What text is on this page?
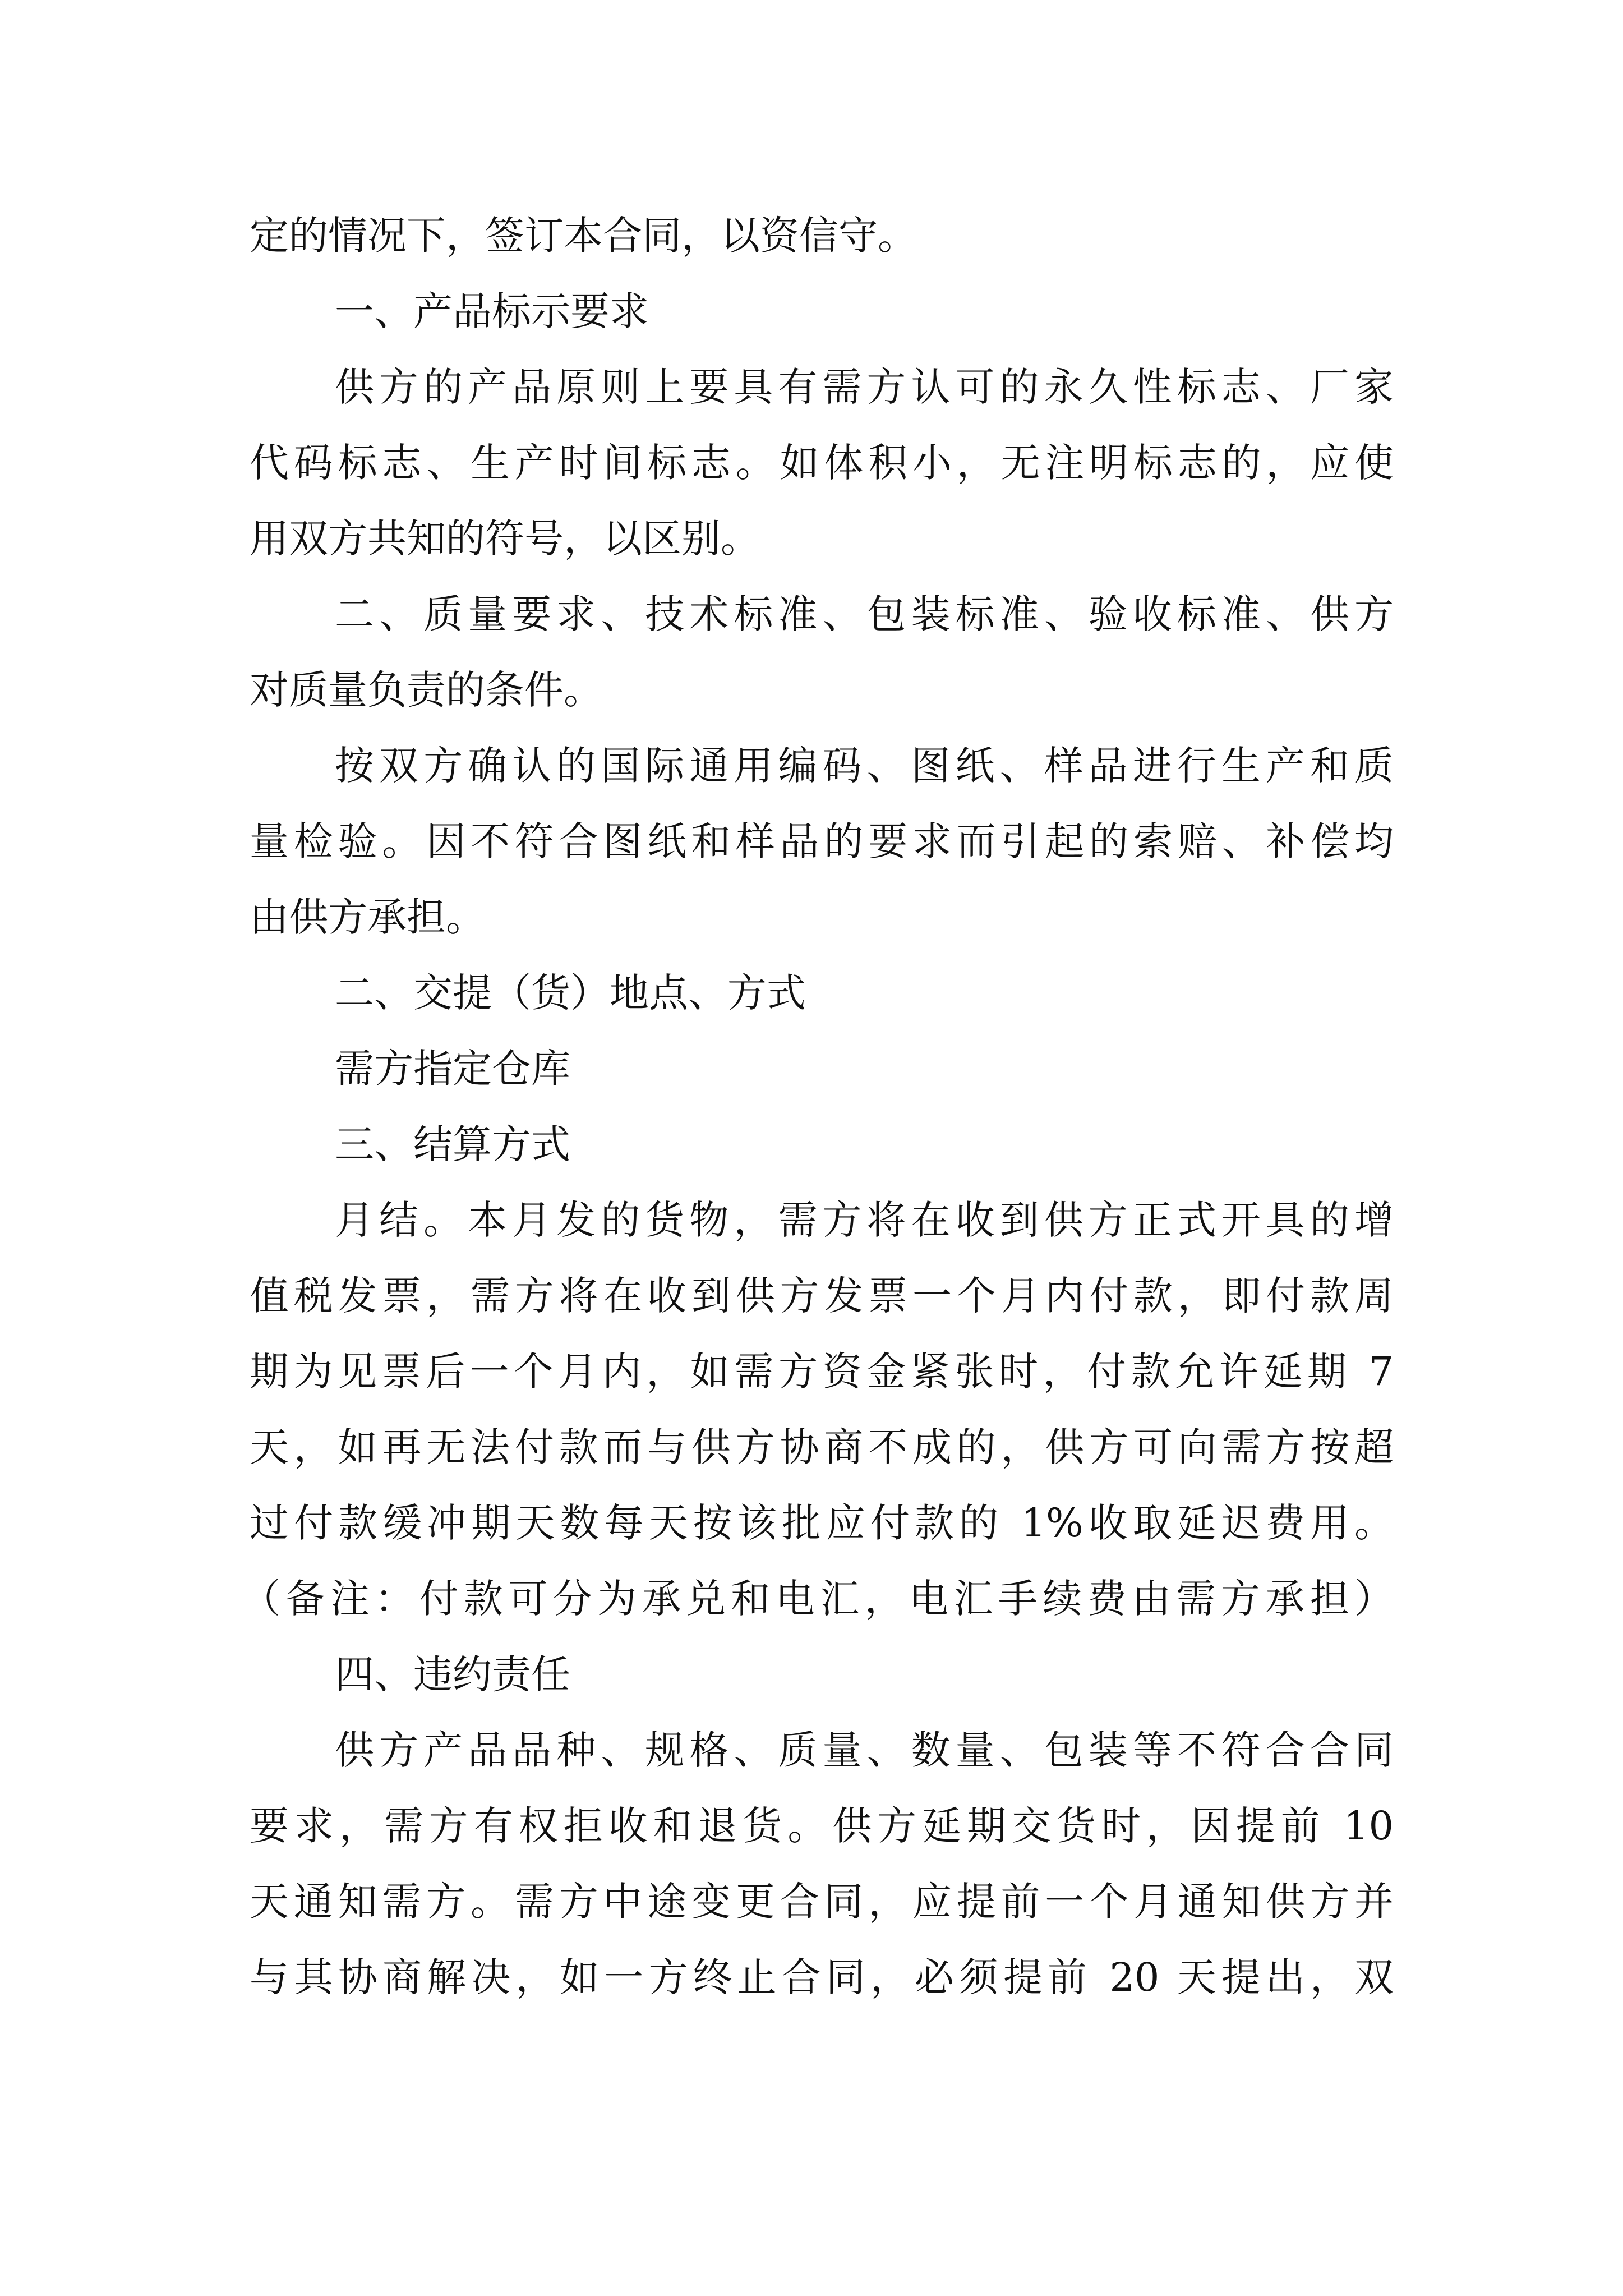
定的情况下，签订本合同，以资信守。
一、产品标示要求
供方的产品原则上要具有需方认可的永久性标志、厂家
代码标志、生产时间标志。如体积小，无注明标志的，应使
用双方共知的符号，以区别。
二、质量要求、技术标准、包装标准、验收标准、供方
对质量负责的条件。
按双方确认的国际通用编码、图纸、样品进行生产和质
量检验。因不符合图纸和样品的要求而引起的索赔、补偿均
由供方承担。
二、交提（货）地点、方式
需方指定仓库
三、结算方式
月结。本月发的货物，需方将在收到供方正式开具的增
值税发票，需方将在收到供方发票一个月内付款，即付款周
期为见票后一个月内，如需方资金紧张时，付款允许延期 7
天，如再无法付款而与供方协商不成的，供方可向需方按超
过付款缓冲期天数每天按该批应付款的 1%收取延迟费用。
（备注：付款可分为承兑和电汇，电汇手续费由需方承担）
四、违约责任
供方产品品种、规格、质量、数量、包装等不符合合同
要求，需方有权拒收和退货。供方延期交货时，因提前 10
天通知需方。需方中途变更合同，应提前一个月通知供方并
与其协商解决，如一方终止合同，必须提前 20 天提出，双
